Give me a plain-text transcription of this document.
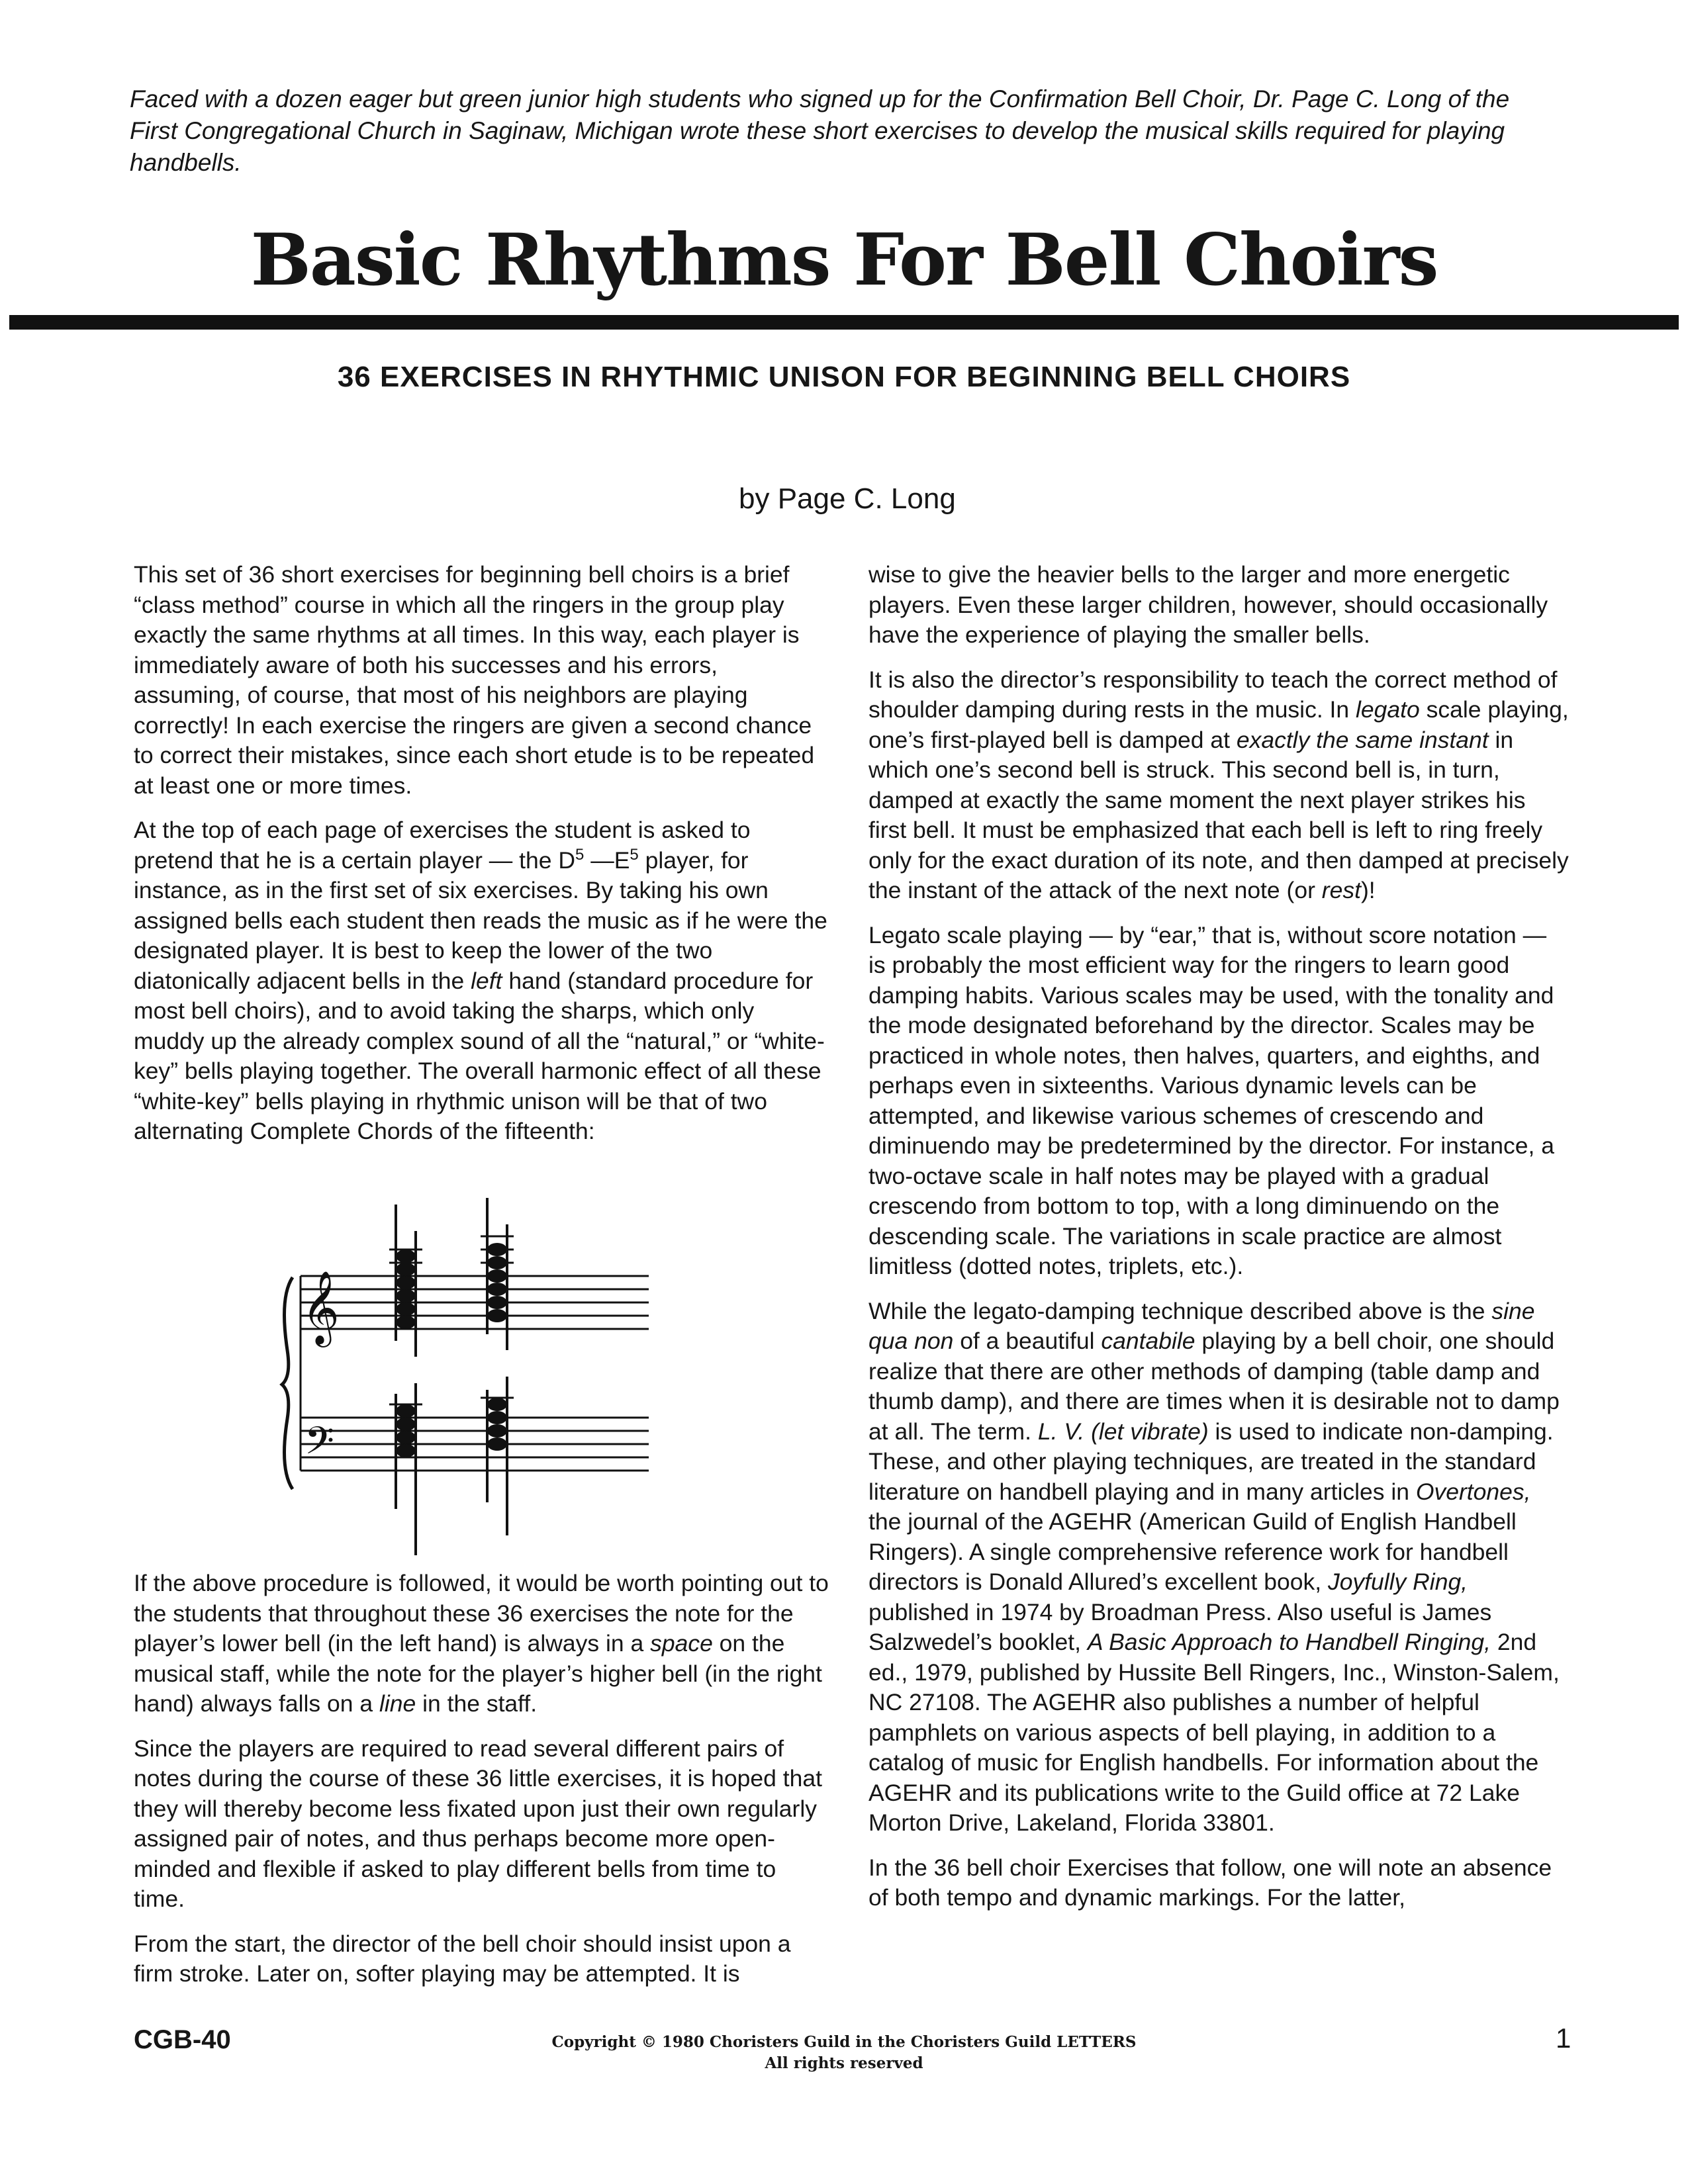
Faced with a dozen eager but green junior high students who signed up for the Confirmation Bell Choir, Dr. Page C. Long of the First Congregational Church in Saginaw, Michigan wrote these short exercises to develop the musical skills required for playing handbells.
Basic Rhythms For Bell Choirs
36 EXERCISES IN RHYTHMIC UNISON FOR BEGINNING BELL CHOIRS
by Page C. Long

This set of 36 short exercises for beginning bell choirs is a brief “class method” course in which all the ringers in the group play exactly the same rhythms at all times. In this way, each player is immediately aware of both his successes and his errors, assuming, of course, that most of his neighbors are playing correctly! In each exercise the ringers are given a second chance to correct their mistakes, since each short etude is to be repeated at least one or more times.

At the top of each page of exercises the student is asked to pretend that he is a certain player — the $D^5$ $—E^5$ player, for instance, as in the first set of six exercises. By taking his own assigned bells each student then reads the music as if he were the designated player. It is best to keep the lower of the two diatonically adjacent bells in the left hand (standard procedure for most bell choirs), and to avoid taking the sharps, which only muddy up the already complex sound of all the “natural,” or “white-key” bells playing together. The overall harmonic effect of all these “white-key” bells playing in rhythmic unison will be that of two alternating Complete Chords of the fifteenth:

𝄞
𝄢

If the above procedure is followed, it would be worth pointing out to the students that throughout these 36 exercises the note for the player’s lower bell (in the left hand) is always in a space on the musical staff, while the note for the player’s higher bell (in the right hand) always falls on a line in the staff.

Since the players are required to read several different pairs of notes during the course of these 36 little exercises, it is hoped that they will thereby become less fixated upon just their own regularly assigned pair of notes, and thus perhaps become more open-minded and flexible if asked to play different bells from time to time.

From the start, the director of the bell choir should insist upon a firm stroke. Later on, softer playing may be attempted. It is

wise to give the heavier bells to the larger and more energetic players. Even these larger children, however, should occasionally have the experience of playing the smaller bells.

It is also the director’s responsibility to teach the correct method of shoulder damping during rests in the music. In legato scale playing, one’s first-played bell is damped at exactly the same instant in which one’s second bell is struck. This second bell is, in turn, damped at exactly the same moment the next player strikes his first bell. It must be emphasized that each bell is left to ring freely only for the exact duration of its note, and then damped at precisely the instant of the attack of the next note (or rest)!

Legato scale playing — by “ear,” that is, without score notation — is probably the most efficient way for the ringers to learn good damping habits. Various scales may be used, with the tonality and the mode designated beforehand by the director. Scales may be practiced in whole notes, then halves, quarters, and eighths, and perhaps even in sixteenths. Various dynamic levels can be attempted, and likewise various schemes of crescendo and diminuendo may be predetermined by the director. For instance, a two-octave scale in half notes may be played with a gradual crescendo from bottom to top, with a long diminuendo on the descending scale. The variations in scale practice are almost limitless (dotted notes, triplets, etc.).

While the legato-damping technique described above is the sine qua non of a beautiful cantabile playing by a bell choir, one should realize that there are other methods of damping (table damp and thumb damp), and there are times when it is desirable not to damp at all. The term. L. V. (let vibrate) is used to indicate non-damping. These, and other playing techniques, are treated in the standard literature on handbell playing and in many articles in Overtones, the journal of the AGEHR (American Guild of English Handbell Ringers). A single comprehensive reference work for handbell directors is Donald Allured’s excellent book, Joyfully Ring, published in 1974 by Broadman Press. Also useful is James Salzwedel’s booklet, A Basic Approach to Handbell Ringing, 2nd ed., 1979, published by Hussite Bell Ringers, Inc., Winston-Salem, NC 27108. The AGEHR also publishes a number of helpful pamphlets on various aspects of bell playing, in addition to a catalog of music for English handbells. For information about the AGEHR and its publications write to the Guild office at 72 Lake Morton Drive, Lakeland, Florida 33801.

In the 36 bell choir Exercises that follow, one will note an absence of both tempo and dynamic markings. For the latter,

CGB-40	Copyright © 1980 Choristers Guild in the Choristers Guild LETTERS
All rights reserved
1
